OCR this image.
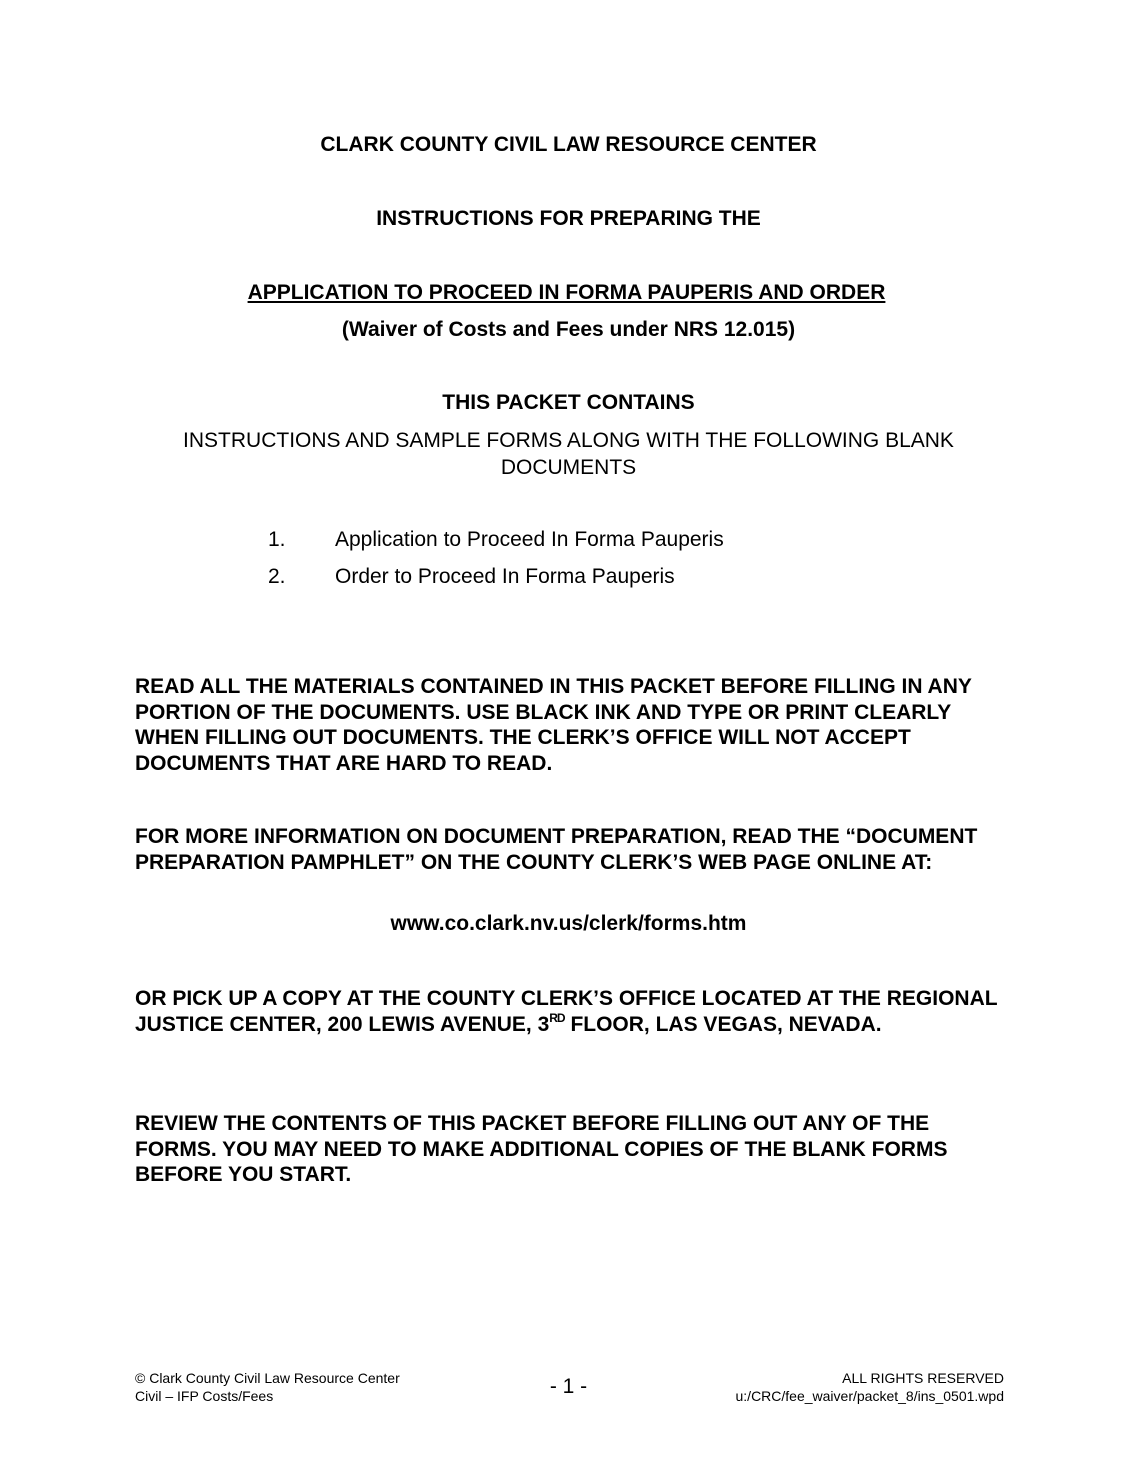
CLARK COUNTY CIVIL LAW RESOURCE CENTER
INSTRUCTIONS FOR PREPARING THE
APPLICATION TO PROCEED IN FORMA PAUPERIS AND ORDER
(Waiver of Costs and Fees under NRS 12.015)
THIS PACKET CONTAINS
INSTRUCTIONS AND SAMPLE FORMS ALONG WITH THE FOLLOWING BLANK
DOCUMENTS
1. Application to Proceed In Forma Pauperis
2. Order to Proceed In Forma Pauperis
READ ALL THE MATERIALS CONTAINED IN THIS PACKET BEFORE FILLING IN ANY PORTION OF THE DOCUMENTS. USE BLACK INK AND TYPE OR PRINT CLEARLY WHEN FILLING OUT DOCUMENTS. THE CLERK’S OFFICE WILL NOT ACCEPT DOCUMENTS THAT ARE HARD TO READ.
FOR MORE INFORMATION ON DOCUMENT PREPARATION, READ THE “DOCUMENT PREPARATION PAMPHLET” ON THE COUNTY CLERK’S WEB PAGE ONLINE AT:
www.co.clark.nv.us/clerk/forms.htm
OR PICK UP A COPY AT THE COUNTY CLERK’S OFFICE LOCATED AT THE REGIONAL JUSTICE CENTER, 200 LEWIS AVENUE, 3RD FLOOR, LAS VEGAS, NEVADA.
REVIEW THE CONTENTS OF THIS PACKET BEFORE FILLING OUT ANY OF THE FORMS. YOU MAY NEED TO MAKE ADDITIONAL COPIES OF THE BLANK FORMS BEFORE YOU START.
© Clark County Civil Law Resource Center
Civil – IFP Costs/Fees	- 1 -	ALL RIGHTS RESERVED
u:/CRC/fee_waiver/packet_8/ins_0501.wpd
